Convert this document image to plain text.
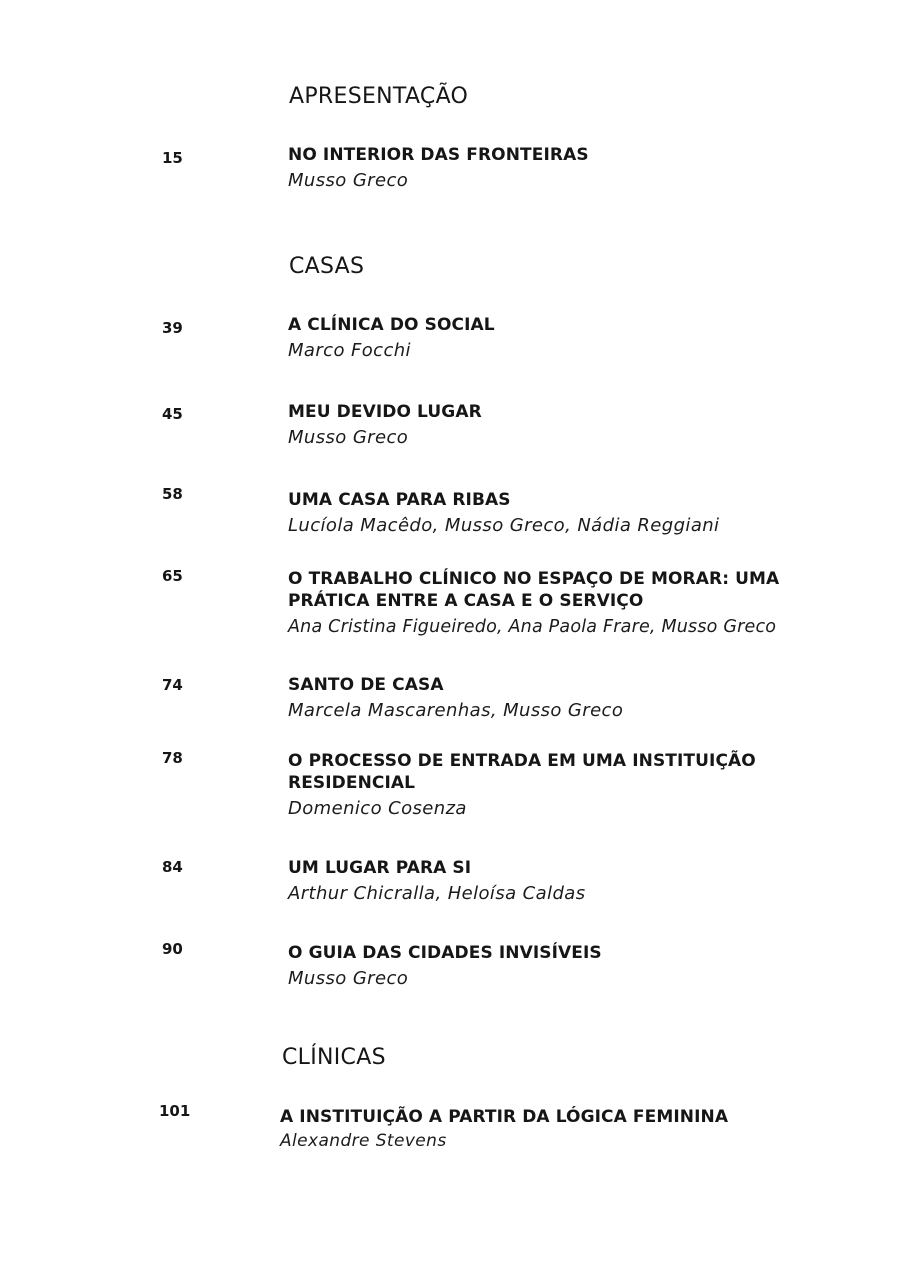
APRESENTAÇÃO
15	NO INTERIOR DAS FRONTEIRAS
Musso Greco
CASAS
39	A CLÍNICA DO SOCIAL
Marco Focchi
45	MEU DEVIDO LUGAR
Musso Greco
58	UMA CASA PARA RIBAS
Lucíola Macêdo, Musso Greco, Nádia Reggiani
65	O TRABALHO CLÍNICO NO ESPAÇO DE MORAR: UMA
PRÁTICA ENTRE A CASA E O SERVIÇO
Ana Cristina Figueiredo, Ana Paola Frare, Musso Greco
74	SANTO DE CASA
Marcela Mascarenhas, Musso Greco
78	O PROCESSO DE ENTRADA EM UMA INSTITUIÇÃO
RESIDENCIAL
Domenico Cosenza
84	UM LUGAR PARA SI
Arthur Chicralla, Heloísa Caldas
90	O GUIA DAS CIDADES INVISÍVEIS
Musso Greco
CLÍNICAS
101	A INSTITUIÇÃO A PARTIR DA LÓGICA FEMININA
Alexandre Stevens
